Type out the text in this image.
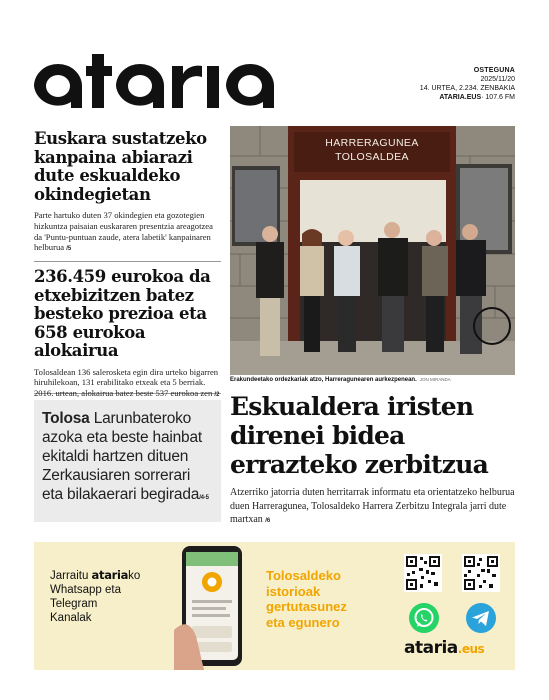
OSTEGUNA
2025/11/20
14. URTEA, 2.234. ZENBAKIA
ATARIA.EUS· 107.6 FM
Euskara sustatzeko kanpaina abiarazi dute eskualdeko okindegietan
Parte hartuko duten 37 okindegien eta gozotegien hizkuntza paisaian euskararen presentzia areagotzea da 'Puntu-puntuan zaude, atera labetik' kanpainaren helburua /5
236.459 eurokoa da etxebizitzen batez besteko prezioa eta 658 eurokoa alokairua
Tolosaldean 136 salerosketa egin dira urteko bigarren hiruhilekoan, 131 erabilitako etxeak eta 5 berriak. 2016. urtean, alokairua batez beste 537 eurokoa zen /2
Tolosa Larunbateroko azoka eta beste hainbat ekitaldi hartzen dituen Zerkausiaren sorrerari eta bilakaerari begirada/4-5
HARRERAGUNEA
TOLOSALDEA
Erakundeetako ordezkariak atzo, Harreragunearen aurkezpenean. JON MIRANDA
Eskualdera iristen direnei bidea errazteko zerbitzua
Atzerriko jatorria duten herritarrak informatu eta orientatzeko helburua duen Harreragunea, Tolosaldeko Harrera Zerbitzu Integrala jarri dute martxan /6
Jarraitu atariako
Whatsapp eta
Telegram
Kanalak
Tolosaldeko
istorioak
gertutasunez
eta egunero
ataria.eus
